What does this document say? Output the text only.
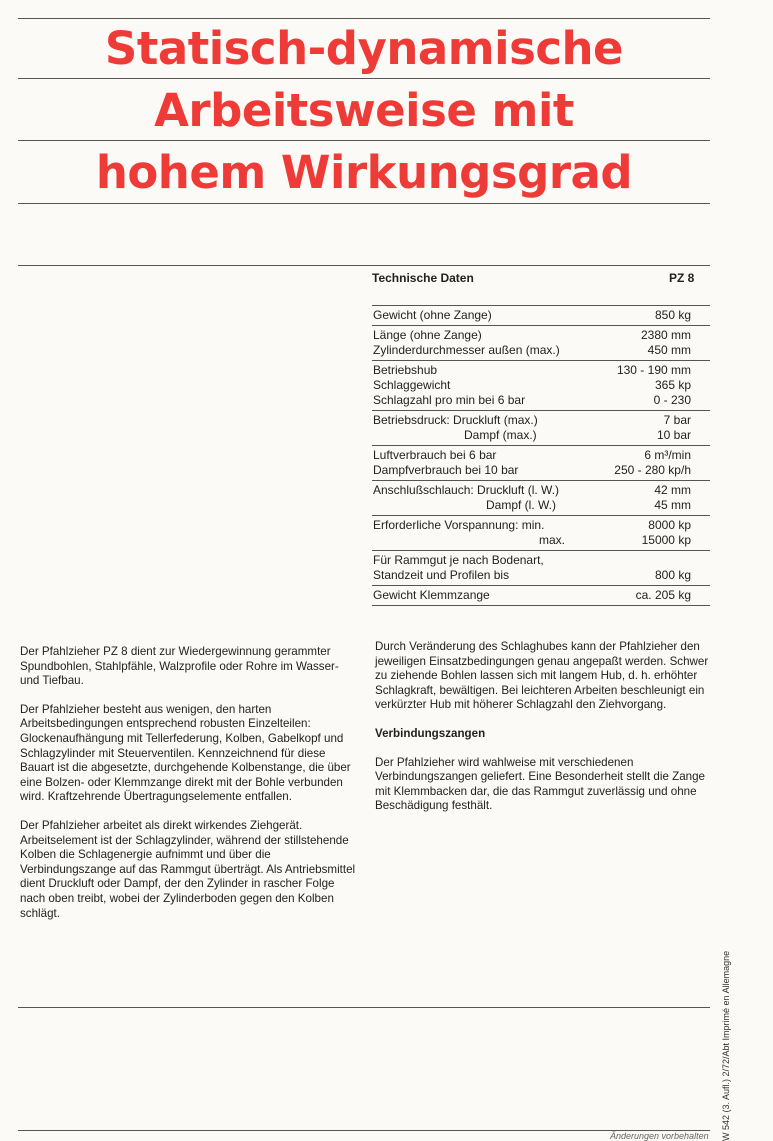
Statisch-dynamische
Arbeitsweise mit
hohem Wirkungsgrad
Technische Daten	PZ 8
Gewicht (ohne Zange)	850 kg
Länge (ohne Zange)	2380 mm
Zylinderdurchmesser außen (max.)	450 mm
Betriebshub	130 - 190 mm
Schlaggewicht	365 kp
Schlagzahl pro min bei 6 bar	0 - 230
Betriebsdruck: Druckluft (max.)	7 bar
Dampf (max.)	10 bar
Luftverbrauch bei 6 bar	6 m³/min
Dampfverbrauch bei 10 bar	250 - 280 kp/h
Anschlußschlauch: Druckluft (l. W.)	42 mm
Dampf (l. W.)	45 mm
Erforderliche Vorspannung: min.	8000 kp
max.	15000 kp
Für Rammgut je nach Bodenart,
Standzeit und Profilen bis	800 kg
Gewicht Klemmzange	ca. 205 kg

Der Pfahlzieher PZ 8 dient zur Wiedergewinnung gerammter Spundbohlen, Stahlpfähle, Walzprofile oder Rohre im Wasser- und Tiefbau.

Der Pfahlzieher besteht aus wenigen, den harten Arbeitsbedingungen entsprechend robusten Einzelteilen: Glockenaufhängung mit Tellerfederung, Kolben, Gabelkopf und Schlagzylinder mit Steuerventilen. Kennzeichnend für diese Bauart ist die abgesetzte, durchgehende Kolbenstange, die über eine Bolzen- oder Klemmzange direkt mit der Bohle verbunden wird. Kraftzehrende Übertragungselemente entfallen.

Der Pfahlzieher arbeitet als direkt wirkendes Ziehgerät. Arbeitselement ist der Schlagzylinder, während der stillstehende Kolben die Schlagenergie aufnimmt und über die Verbindungszange auf das Rammgut überträgt. Als Antriebsmittel dient Druckluft oder Dampf, der den Zylinder in rascher Folge nach oben treibt, wobei der Zylinderboden gegen den Kolben schlägt.

Durch Veränderung des Schlaghubes kann der Pfahlzieher den jeweiligen Einsatzbedingungen genau angepaßt werden. Schwer zu ziehende Bohlen lassen sich mit langem Hub, d. h. erhöhter Schlagkraft, bewältigen. Bei leichteren Arbeiten beschleunigt ein verkürzter Hub mit höherer Schlagzahl den Ziehvorgang.

Verbindungszangen

Der Pfahlzieher wird wahlweise mit verschiedenen Verbindungszangen geliefert. Eine Besonderheit stellt die Zange mit Klemmbacken dar, die das Rammgut zuverlässig und ohne Beschädigung festhält.

W 542 (3. Aufl.) 2/72/Abt Imprimé en Allemagne
Änderungen vorbehalten
